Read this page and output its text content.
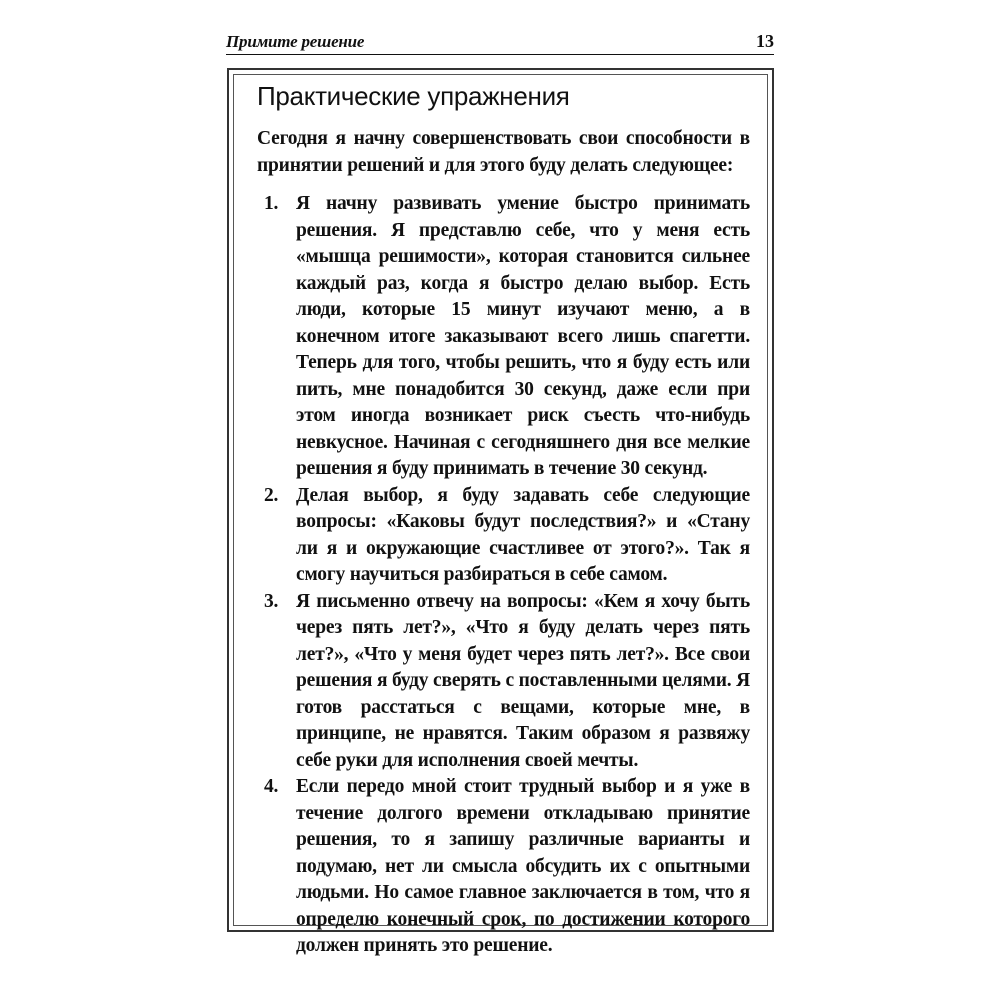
Примите решение	13
Практические упражнения

Сегодня я начну совершенствовать свои способности в принятии решений и для этого буду делать следующее:

1. Я начну развивать умение быстро принимать решения. Я представлю себе, что у меня есть «мышца решимости», которая становится сильнее каждый раз, когда я быстро делаю выбор. Есть люди, которые 15 минут изучают меню, а в конечном итоге заказывают всего лишь спагетти. Теперь для того, чтобы решить, что я буду есть или пить, мне понадобится 30 секунд, даже если при этом иногда возникает риск съесть что-нибудь невкусное. Начиная с сегодняшнего дня все мелкие решения я буду принимать в течение 30 секунд.
2. Делая выбор, я буду задавать себе следующие вопросы: «Каковы будут последствия?» и «Стану ли я и окружающие счастливее от этого?». Так я смогу научиться разбираться в себе самом.
3. Я письменно отвечу на вопросы: «Кем я хочу быть через пять лет?», «Что я буду делать через пять лет?», «Что у меня будет через пять лет?». Все свои решения я буду сверять с поставленными целями. Я готов расстаться с вещами, которые мне, в принципе, не нравятся. Таким образом я развяжу себе руки для исполнения своей мечты.
4. Если передо мной стоит трудный выбор и я уже в течение долгого времени откладываю принятие решения, то я запишу различные варианты и подумаю, нет ли смысла обсудить их с опытными людьми. Но самое главное заключается в том, что я определю конечный срок, по достижении которого должен принять это решение.
